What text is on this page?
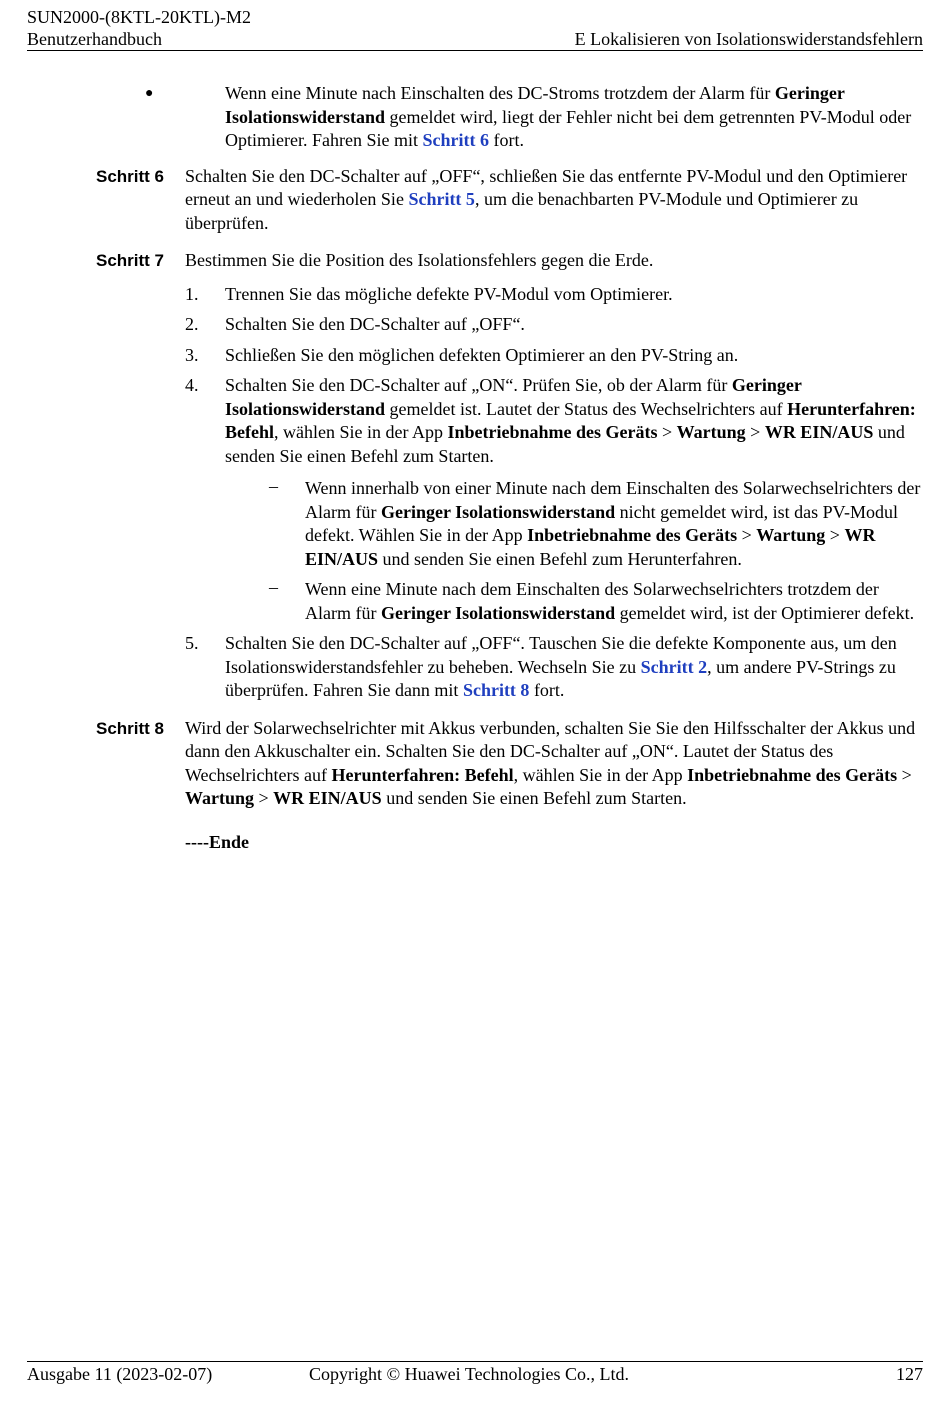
SUN2000-(8KTL-20KTL)-M2
Benutzerhandbuch	E Lokalisieren von Isolationswiderstandsfehlern
●	Wenn eine Minute nach Einschalten des DC-Stroms trotzdem der Alarm für Geringer Isolationswiderstand gemeldet wird, liegt der Fehler nicht bei dem getrennten PV-Modul oder Optimierer. Fahren Sie mit Schritt 6 fort.
Schritt 6 Schalten Sie den DC-Schalter auf „OFF“, schließen Sie das entfernte PV-Modul und den Optimierer erneut an und wiederholen Sie Schritt 5, um die benachbarten PV-Module und Optimierer zu überprüfen.

Schritt 7 Bestimmen Sie die Position des Isolationsfehlers gegen die Erde.

1. Trennen Sie das mögliche defekte PV-Modul vom Optimierer.
2. Schalten Sie den DC-Schalter auf „OFF“.
3. Schließen Sie den möglichen defekten Optimierer an den PV-String an.
4. Schalten Sie den DC-Schalter auf „ON“. Prüfen Sie, ob der Alarm für Geringer Isolationswiderstand gemeldet ist. Lautet der Status des Wechselrichters auf Herunterfahren: Befehl, wählen Sie in der App Inbetriebnahme des Geräts > Wartung > WR EIN/AUS und senden Sie einen Befehl zum Starten.
– Wenn innerhalb von einer Minute nach dem Einschalten des Solarwechselrichters der Alarm für Geringer Isolationswiderstand nicht gemeldet wird, ist das PV-Modul defekt. Wählen Sie in der App Inbetriebnahme des Geräts > Wartung > WR EIN/AUS und senden Sie einen Befehl zum Herunterfahren.
– Wenn eine Minute nach dem Einschalten des Solarwechselrichters trotzdem der Alarm für Geringer Isolationswiderstand gemeldet wird, ist der Optimierer defekt.
5. Schalten Sie den DC-Schalter auf „OFF“. Tauschen Sie die defekte Komponente aus, um den Isolationswiderstandsfehler zu beheben. Wechseln Sie zu Schritt 2, um andere PV-Strings zu überprüfen. Fahren Sie dann mit Schritt 8 fort.
Schritt 8 Wird der Solarwechselrichter mit Akkus verbunden, schalten Sie Sie den Hilfsschalter der Akkus und dann den Akkuschalter ein. Schalten Sie den DC-Schalter auf „ON“. Lautet der Status des Wechselrichters auf Herunterfahren: Befehl, wählen Sie in der App Inbetriebnahme des Geräts > Wartung > WR EIN/AUS und senden Sie einen Befehl zum Starten.

----Ende
Ausgabe 11 (2023-02-07)	Copyright © Huawei Technologies Co., Ltd.	127
